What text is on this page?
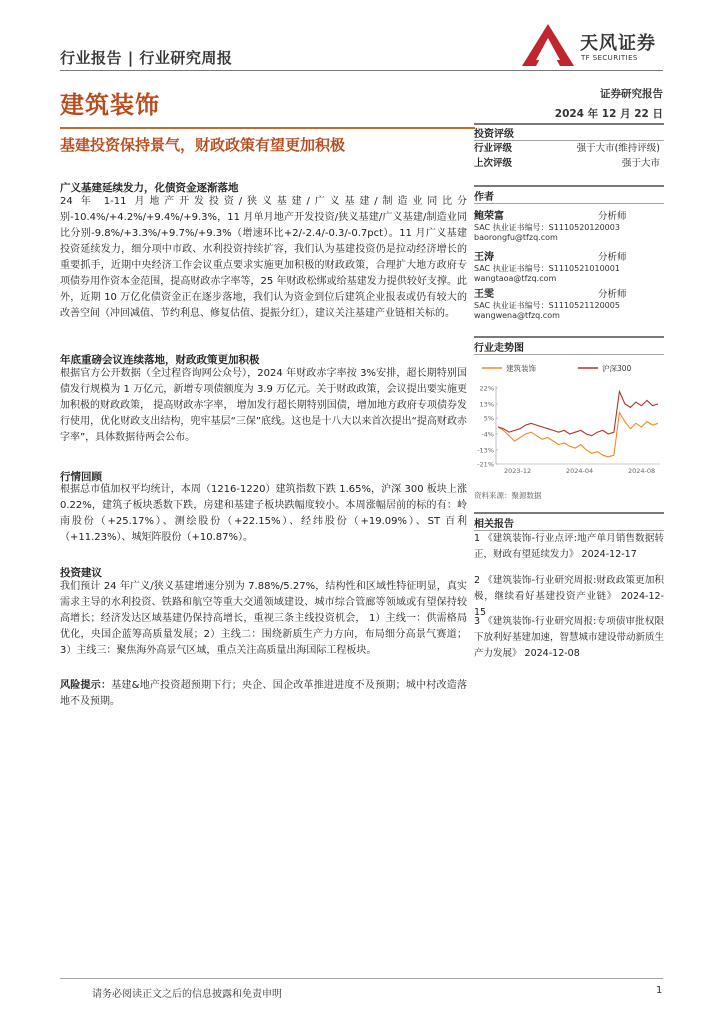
行业报告 | 行业研究周报
天风证券
TF SECURITIES
建筑装饰	证券研究报告
2024 年 12 月 22 日
基建投资保持景气，财政政策有望更加积极
广义基建延续发力，化债资金逐渐落地
24 年 1-11 月地产开发投资/狭义基建/广义基建/制造业同比分别-10.4%/+4.2%/+9.4%/+9.3%，11 月单月地产开发投资/狭义基建/广义基建/制造业同比分别-9.8%/+3.3%/+9.7%/+9.3%（增速环比+2/-2.4/-0.3/-0.7pct）。11 月广义基建投资延续发力，细分项中市政、水利投资持续扩容，我们认为基建投资仍是拉动经济增长的重要抓手，近期中央经济工作会议重点要求实施更加积极的财政政策，合理扩大地方政府专项债券用作资本金范围，提高财政赤字率等，25 年财政松绑或给基建发力提供较好支撑。此外，近期 10 万亿化债资金正在逐步落地，我们认为资金到位后建筑企业报表或仍有较大的改善空间（冲回减值、节约利息、修复估值、提振分红），建议关注基建产业链相关标的。
年底重磅会议连续落地，财政政策更加积极
根据官方公开数据（全过程咨询网公众号），2024 年财政赤字率按 3%安排，超长期特别国债发行规模为 1 万亿元，新增专项债额度为 3.9 万亿元。关于财政政策，会议提出要实施更加积极的财政政策， 提高财政赤字率， 增加发行超长期特别国债，增加地方政府专项债券发行使用，优化财政支出结构，兜牢基层“三保”底线。这也是十八大以来首次提出“提高财政赤字率”，具体数据待两会公布。
行情回顾
根据总市值加权平均统计，本周（1216-1220）建筑指数下跌 1.65%，沪深 300 板块上涨 0.22%，建筑子板块悉数下跌，房建和基建子板块跌幅度较小。本周涨幅居前的标的有：岭南股份（+25.17%）、测绘股份（+22.15%）、经纬股份（+19.09%）、ST 百利（+11.23%）、城矩阵股份（+10.87%）。
投资建议
我们预计 24 年广义/狭义基建增速分别为 7.88%/5.27%，结构性和区域性特征明显，真实需求主导的水利投资、铁路和航空等重大交通领域建设、城市综合管廊等领域或有望保持较高增长；经济发达区域基建仍保持高增长，重视三条主线投资机会， 1）主线一：供需格局优化，央国企蓝筹高质量发展；2）主线二：围绕新质生产力方向，布局细分高景气赛道；3）主线三：聚焦海外高景气区域，重点关注高质量出海国际工程板块。
风险提示：基建&地产投资超预期下行；央企、国企改革推进进度不及预期；城中村改造落地不及预期。
投资评级
行业评级	强于大市(维持评级)
上次评级	强于大市
作者
鲍荣富	分析师
SAC 执业证书编号：S1110520120003
baorongfu@tfzq.com
王涛	分析师
SAC 执业证书编号：S1110521010001
wangtaoa@tfzq.com
王雯	分析师
SAC 执业证书编号：S1110521120005
wangwena@tfzq.com
行业走势图
建筑装饰	沪深300
22%
13%
5%
-4%
-13%
-21%
2023-12	2024-04	2024-08
资料来源：聚源数据
相关报告
1 《建筑装饰-行业点评:地产单月销售数据转正，财政有望延续发力》 2024-12-17
2 《建筑装饰-行业研究周报:财政政策更加积极，继续看好基建投资产业链》 2024-12-15
3 《建筑装饰-行业研究周报:专项债审批权限下放利好基建加速，智慧城市建设带动新质生产力发展》 2024-12-08
请务必阅读正文之后的信息披露和免责申明	1
